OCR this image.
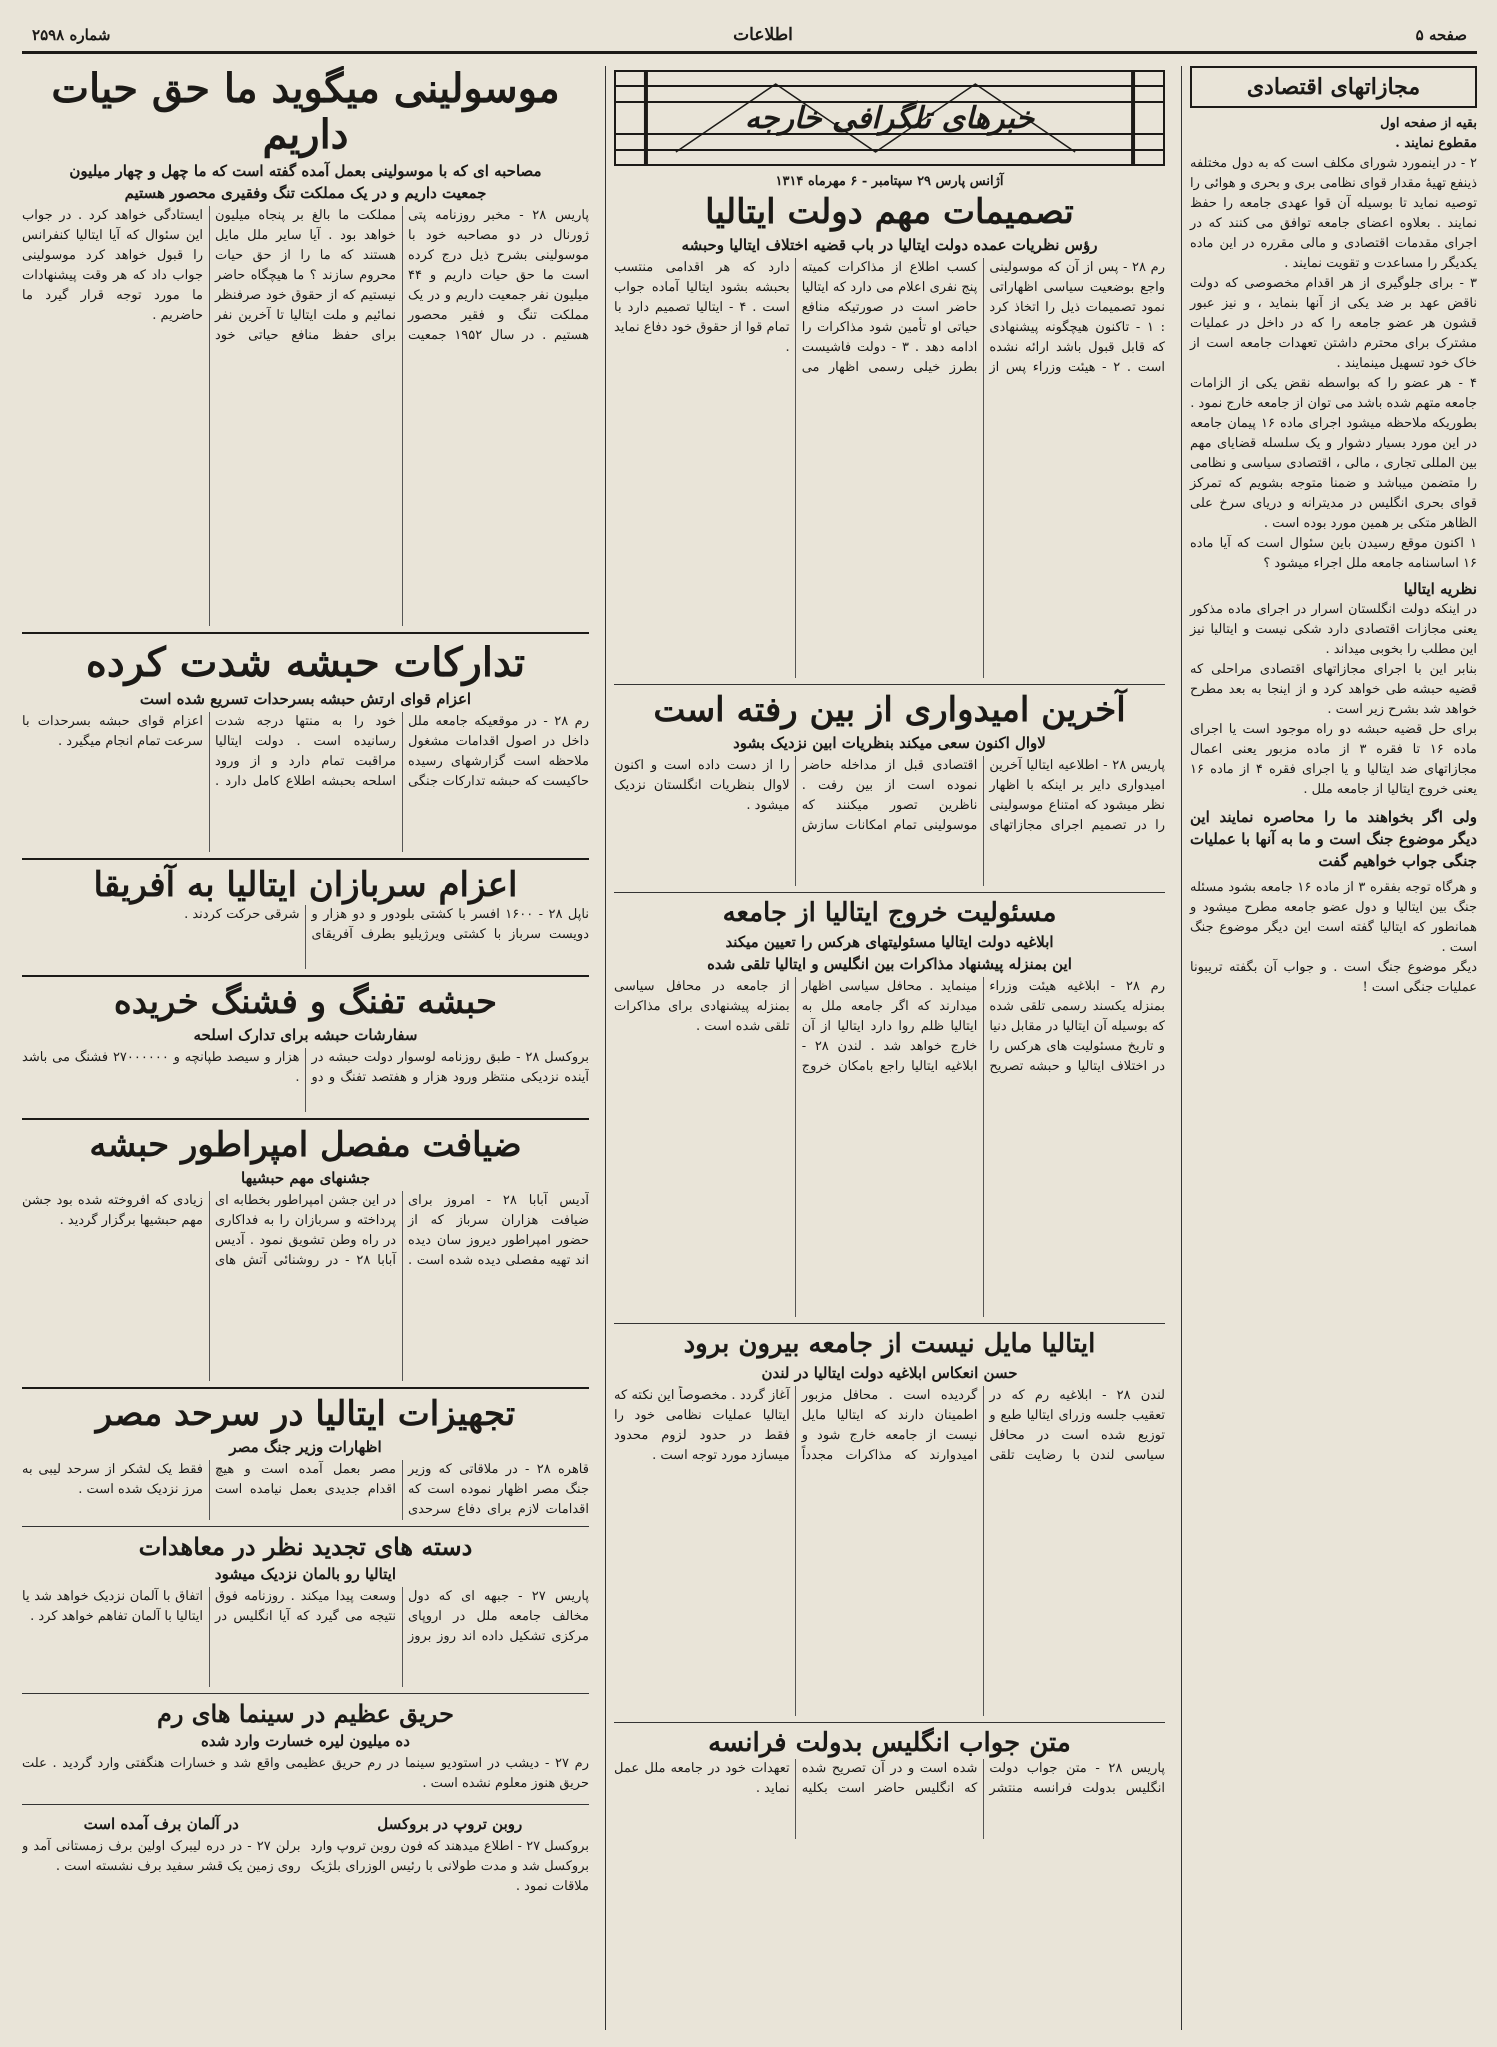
صفحه ۵
اطلاعات
شماره ۲۵۹۸
مجازاتهای اقتصادی
بقیه از صفحه اول
مقطوع نمایند .

۲ - در اینمورد شورای مکلف است که به دول مختلفه ذینفع تهیهٔ مقدار قوای نظامی بری و بحری و هوائی را توصیه نماید تا بوسیله آن قوا عهدی جامعه را حفظ نمایند . بعلاوه اعضای جامعه توافق می کنند که در اجرای مقدمات اقتصادی و مالی مقرره در این ماده یکدیگر را مساعدت و تقویت نمایند .

۳ - برای جلوگیری از هر اقدام مخصوصی که دولت ناقض عهد بر ضد یکی از آنها بنماید ، و نیز عبور قشون هر عضو جامعه را که در داخل در عملیات مشترک برای محترم داشتن تعهدات جامعه است از خاک خود تسهیل مینمایند .

۴ - هر عضو را که بواسطه نقض یکی از الزامات جامعه متهم شده باشد می توان از جامعه خارج نمود .

بطوریکه ملاحظه میشود اجرای ماده ۱۶ پیمان جامعه در این مورد بسیار دشوار و یک سلسله قضایای مهم بین المللی تجاری ، مالی ، اقتصادی سیاسی و نظامی را متضمن میباشد و ضمنا متوجه بشویم که تمرکز قوای بحری انگلیس در مدیترانه و دریای سرخ علی الظاهر متکی بر همین مورد بوده است .

۱ اکنون موقع رسیدن باین سئوال است که آیا ماده ۱۶ اساسنامه جامعه ملل اجراء میشود ؟

نظریه ایتالیا

در اینکه دولت انگلستان اسرار در اجرای ماده مذکور یعنی مجازات اقتصادی دارد شکی نیست و ایتالیا نیز این مطلب را بخوبی میداند .

بنابر این با اجرای مجازاتهای اقتصادی مراحلی که قضیه حبشه طی خواهد کرد و از اینجا به بعد مطرح خواهد شد بشرح زیر است .

برای حل قضیه حبشه دو راه موجود است یا اجرای ماده ۱۶ تا فقره ۳ از ماده مزبور یعنی اعمال مجازاتهای ضد ایتالیا و یا اجرای فقره ۴ از ماده ۱۶ یعنی خروج ایتالیا از جامعه ملل .

ولی اگر بخواهند ما را محاصره نمایند این دیگر موضوع جنگ است و ما به آنها با عملیات جنگی جواب خواهیم گفت

و هرگاه توجه بفقره ۳ از ماده ۱۶ جامعه بشود مسئله جنگ بین ایتالیا و دول عضو جامعه مطرح میشود و همانطور که ایتالیا گفته است این دیگر موضوع جنگ است .

دیگر موضوع جنگ است . و جواب آن بگفته تریبونا عملیات جنگی است !

خبرهای تلگرافی خارجه
آژانس پارس ۲۹ سپتامبر - ۶ مهرماه ۱۳۱۴
تصمیمات مهم دولت ایتالیا
رؤس نظریات عمده دولت ایتالیا در باب قضیه اختلاف ایتالیا وحبشه
رم ۲۸ - پس از آن که موسولینی واجع بوضعیت سیاسی اظهاراتی نمود تصمیمات ذیل را اتخاذ کرد : ۱ - تاکنون هیچگونه پیشنهادی که قابل قبول باشد ارائه نشده است . ۲ - هیئت وزراء پس از کسب اطلاع از مذاکرات کمیته پنج نفری اعلام می دارد که ایتالیا حاضر است در صورتیکه منافع حیاتی او تأمین شود مذاکرات را ادامه دهد . ۳ - دولت فاشیست بطرز خیلی رسمی اظهار می دارد که هر اقدامی منتسب بحبشه بشود ایتالیا آماده جواب است . ۴ - ایتالیا تصمیم دارد با تمام قوا از حقوق خود دفاع نماید .
آخرین امیدواری از بین رفته است
لاوال اکنون سعی میکند بنظریات ابین نزدیک بشود
پاریس ۲۸ - اطلاعیه ایتالیا آخرین امیدواری داير بر اینکه با اظهار نظر میشود که امتناع موسولینی را در تصمیم اجرای مجازاتهای اقتصادی قبل از مداخله حاضر نموده است از بین رفت . ناظرین تصور میکنند که موسولینی تمام امکانات سازش را از دست داده است و اکنون لاوال بنظریات انگلستان نزدیک میشود .
مسئولیت خروج ایتالیا از جامعه
ابلاغیه دولت ایتالیا مسئولیتهای هرکس را تعیین میکند
این بمنزله پیشنهاد مذاکرات بین انگلیس و ایتالیا تلقی شده
رم ۲۸ - ابلاغیه هیئت وزراء بمنزله یکسند رسمی تلقی شده که بوسیله آن ایتالیا در مقابل دنیا و تاریخ مسئولیت های هرکس را در اختلاف ایتالیا و حبشه تصریح مینماید . محافل سیاسی اظهار میدارند که اگر جامعه ملل به ایتالیا ظلم روا دارد ایتالیا از آن خارج خواهد شد . لندن ۲۸ - ابلاغیه ایتالیا راجع بامکان خروج از جامعه در محافل سیاسی بمنزله پیشنهادی برای مذاکرات تلقی شده است .
ایتالیا مایل نیست از جامعه بیرون برود
حسن انعکاس ابلاغیه دولت ایتالیا در لندن
لندن ۲۸ - ابلاغیه رم که در تعقیب جلسه وزرای ایتالیا طبع و توزیع شده است در محافل سیاسی لندن با رضایت تلقی گردیده است . محافل مزبور اطمینان دارند که ایتالیا مایل نیست از جامعه خارج شود و امیدوارند که مذاکرات مجدداً آغاز گردد . مخصوصاً این نکته که ایتالیا عملیات نظامی خود را فقط در حدود لزوم محدود میسازد مورد توجه است .
متن جواب انگلیس بدولت فرانسه
پاریس ۲۸ - متن جواب دولت انگلیس بدولت فرانسه منتشر شده است و در آن تصریح شده که انگلیس حاضر است بکلیه تعهدات خود در جامعه ملل عمل نماید .
موسولینی میگوید ما حق حیات داریم
مصاحبه ای که با موسولینی بعمل آمده گفته است که ما چهل و چهار میلیون
جمعیت داریم و در یک مملکت تنگ وفقیری محصور هستیم
پاریس ۲۸ - مخبر روزنامه پتی ژورنال در دو مصاحبه خود با موسولینی بشرح ذیل درج کرده است ما حق حیات داریم و ۴۴ میلیون نفر جمعیت داریم و در یک مملکت تنگ و فقیر محصور هستیم . در سال ۱۹۵۲ جمعیت مملکت ما بالغ بر پنجاه میلیون خواهد بود . آیا سایر ملل مایل هستند که ما را از حق حیات محروم سازند ؟ ما هیچگاه حاضر نیستیم که از حقوق خود صرفنظر نمائیم و ملت ایتالیا تا آخرین نفر برای حفظ منافع حیاتی خود ایستادگی خواهد کرد . در جواب این سئوال که آیا ایتالیا کنفرانس را قبول خواهد کرد موسولینی جواب داد که هر وقت پیشنهادات ما مورد توجه قرار گیرد ما حاضریم .
تدارکات حبشه شدت کرده
اعزام قوای ارتش حبشه بسرحدات تسریع شده است
رم ۲۸ - در موقعیکه جامعه ملل داخل در اصول اقدامات مشغول ملاحظه است گزارشهای رسیده حاکیست که حبشه تدارکات جنگی خود را به منتها درجه شدت رسانیده است . دولت ایتالیا مراقبت تمام دارد و از ورود اسلحه بحبشه اطلاع کامل دارد . اعزام قوای حبشه بسرحدات با سرعت تمام انجام میگیرد .
اعزام سربازان ایتالیا به آفریقا
ناپل ۲۸ - ۱۶۰۰ افسر با کشتی بلودور و دو هزار و دویست سرباز با کشتی ویرژیلیو بطرف آفریقای شرقی حرکت کردند .
حبشه تفنگ و فشنگ خریده
سفارشات حبشه برای تدارک اسلحه
بروکسل ۲۸ - طبق روزنامه لوسوار دولت حبشه در آینده نزدیکی منتظر ورود هزار و هفتصد تفنگ و دو هزار و سیصد طپانچه و ۲۷۰۰۰۰۰۰ فشنگ می باشد .
ضیافت مفصل امپراطور حبشه
جشنهای مهم حبشیها
آدیس آبابا ۲۸ - امروز برای ضیافت هزاران سرباز که از حضور امپراطور دیروز سان دیده اند تهیه مفصلی دیده شده است . در این جشن امپراطور بخطابه ای پرداخته و سربازان را به فداکاری در راه وطن تشویق نمود . آدیس آبابا ۲۸ - در روشنائی آتش های زیادی که افروخته شده بود جشن مهم حبشیها برگزار گردید .
تجهیزات ایتالیا در سرحد مصر
اظهارات وزیر جنگ مصر
قاهره ۲۸ - در ملاقاتی که وزیر جنگ مصر اظهار نموده است که اقدامات لازم برای دفاع سرحدی مصر بعمل آمده است و هیچ اقدام جدیدی بعمل نیامده است فقط یک لشکر از سرحد لیبی به مرز نزدیک شده است .
دسته های تجدید نظر در معاهدات
ایتالیا رو بالمان نزدیک میشود
پاریس ۲۷ - جبهه ای که دول مخالف جامعه ملل در اروپای مرکزی تشکیل داده اند روز بروز وسعت پیدا میکند . روزنامه فوق نتیجه می گیرد که آیا انگلیس در اتفاق با آلمان نزدیک خواهد شد یا ایتالیا با آلمان تفاهم خواهد کرد .
حریق عظیم در سینما های رم
ده میلیون لیره خسارت وارد شده
رم ۲۷ - دیشب در استودیو سینما در رم حریق عظیمی واقع شد و خسارات هنگفتی وارد گردید . علت حریق هنوز معلوم نشده است .
روبن تروپ در بروکسل
بروکسل ۲۷ - اطلاع میدهند که فون روبن تروپ وارد بروکسل شد و مدت طولانی با رئیس الوزرای بلژیک ملاقات نمود .
در آلمان برف آمده است
برلن ۲۷ - در دره لیبرک اولین برف زمستانی آمد و روی زمین یک قشر سفید برف نشسته است .
